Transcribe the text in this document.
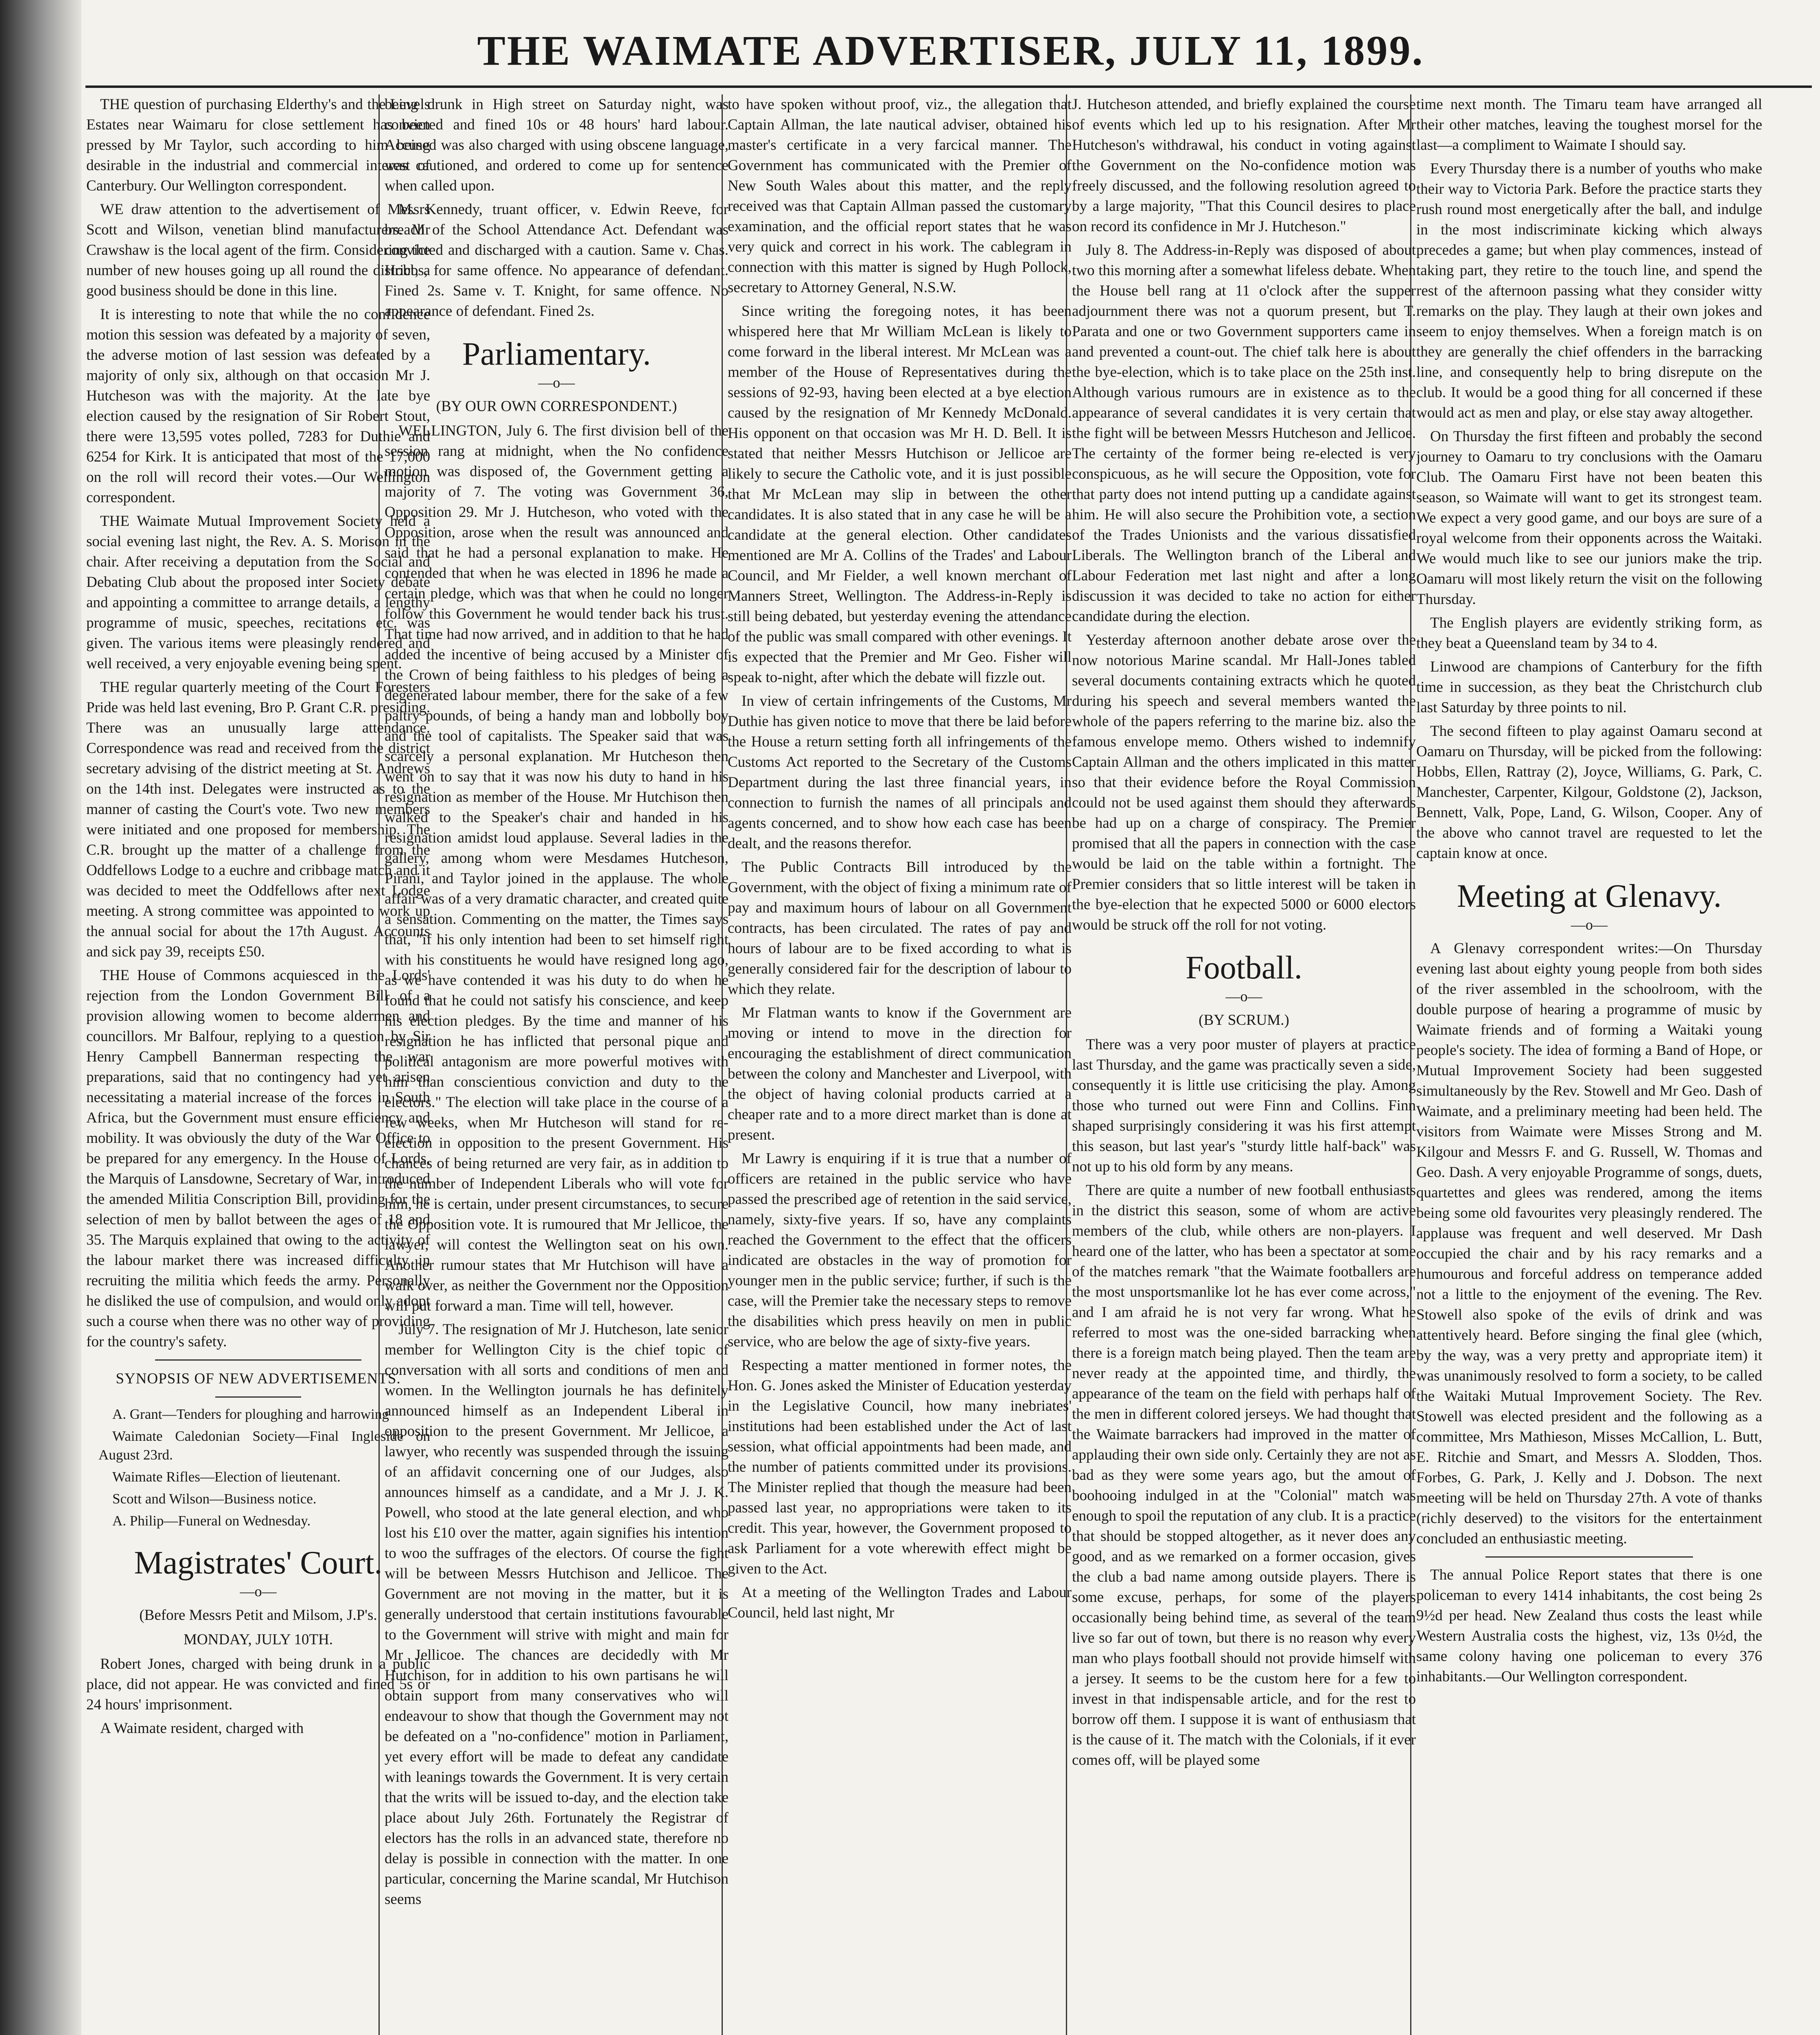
THE WAIMATE ADVERTISER, JULY 11, 1899.

THE question of purchasing Elderthy's and the Levels Estates near Waimaru for close settlement has been pressed by Mr Taylor, such according to him being desirable in the industrial and commercial interest of Canterbury. Our Wellington correspondent.

WE draw attention to the advertisement of Messrs Scott and Wilson, venetian blind manufacturers. Mr Crawshaw is the local agent of the firm. Considering the number of new houses going up all round the district, a good business should be done in this line.

It is interesting to note that while the no confidence motion this session was defeated by a majority of seven, the adverse motion of last session was defeated by a majority of only six, although on that occasion Mr J. Hutcheson was with the majority. At the late bye election caused by the resignation of Sir Robert Stout, there were 13,595 votes polled, 7283 for Duthie and 6254 for Kirk. It is anticipated that most of the 17,000 on the roll will record their votes.—Our Wellington correspondent.

THE Waimate Mutual Improvement Society held a social evening last night, the Rev. A. S. Morison in the chair. After receiving a deputation from the Social and Debating Club about the proposed inter Society debate and appointing a committee to arrange details, a lengthy programme of music, speeches, recitations etc. was given. The various items were pleasingly rendered and well received, a very enjoyable evening being spent.

THE regular quarterly meeting of the Court Foresters Pride was held last evening, Bro P. Grant C.R. presiding. There was an unusually large attendance. Correspondence was read and received from the district secretary advising of the district meeting at St. Andrews on the 14th inst. Delegates were instructed as to the manner of casting the Court's vote. Two new members were initiated and one proposed for membership. The C.R. brought up the matter of a challenge from the Oddfellows Lodge to a euchre and cribbage match and it was decided to meet the Oddfellows after next Lodge meeting. A strong committee was appointed to work up the annual social for about the 17th August. Accounts and sick pay 39, receipts £50.

THE House of Commons acquiesced in the Lords' rejection from the London Government Bill of a provision allowing women to become aldermen and councillors. Mr Balfour, replying to a question by Sir Henry Campbell Bannerman respecting the war preparations, said that no contingency had yet arisen necessitating a material increase of the forces in South Africa, but the Government must ensure efficiency and mobility. It was obviously the duty of the War Office to be prepared for any emergency. In the House of Lords, the Marquis of Lansdowne, Secretary of War, introduced the amended Militia Conscription Bill, providing for the selection of men by ballot between the ages of 18 and 35. The Marquis explained that owing to the activity of the labour market there was increased difficulty in recruiting the militia which feeds the army. Personally he disliked the use of compulsion, and would only adopt such a course when there was no other way of providing for the country's safety.

SYNOPSIS OF NEW ADVERTISEMENTS.

A. Grant—Tenders for ploughing and harrowing

Waimate Caledonian Society—Final Ingleside on August 23rd.

Waimate Rifles—Election of lieutenant.

Scott and Wilson—Business notice.

A. Philip—Funeral on Wednesday.

Magistrates' Court.
—o—
(Before Messrs Petit and Milsom, J.P's.
MONDAY, JULY 10TH.

Robert Jones, charged with being drunk in a public place, did not appear. He was convicted and fined 5s or 24 hours' imprisonment.

A Waimate resident, charged with

being drunk in High street on Saturday night, was convicted and fined 10s or 48 hours' hard labour. Accused was also charged with using obscene language, was cautioned, and ordered to come up for sentence when called upon.

M. Kennedy, truant officer, v. Edwin Reeve, for breach of the School Attendance Act. Defendant was convicted and discharged with a caution. Same v. Chas. Hobbs, for same offence. No appearance of defendant. Fined 2s. Same v. T. Knight, for same offence. No appearance of defendant. Fined 2s.

Parliamentary.
—o—
(BY OUR OWN CORRESPONDENT.)

WELLINGTON, July 6. The first division bell of the session rang at midnight, when the No confidence motion was disposed of, the Government getting a majority of 7. The voting was Government 36, Opposition 29. Mr J. Hutcheson, who voted with the Opposition, arose when the result was announced and said that he had a personal explanation to make. He contended that when he was elected in 1896 he made a certain pledge, which was that when he could no longer follow this Government he would tender back his trust. That time had now arrived, and in addition to that he had added the incentive of being accused by a Minister of the Crown of being faithless to his pledges of being a degenerated labour member, there for the sake of a few paltry pounds, of being a handy man and lobbolly boy and the tool of capitalists. The Speaker said that was scarcely a personal explanation. Mr Hutcheson then went on to say that it was now his duty to hand in his resignation as member of the House. Mr Hutchison then walked to the Speaker's chair and handed in his resignation amidst loud applause. Several ladies in the gallery, among whom were Mesdames Hutcheson, Pirani, and Taylor joined in the applause. The whole affair was of a very dramatic character, and created quite a sensation. Commenting on the matter, the Times says that, "if his only intention had been to set himself right with his constituents he would have resigned long ago, as we have contended it was his duty to do when he found that he could not satisfy his conscience, and keep his election pledges. By the time and manner of his resignation he has inflicted that personal pique and political antagonism are more powerful motives with him than conscientious conviction and duty to the electors." The election will take place in the course of a few weeks, when Mr Hutcheson will stand for re-election in opposition to the present Government. His chances of being returned are very fair, as in addition to the number of Independent Liberals who will vote for him, he is certain, under present circumstances, to secure the Opposition vote. It is rumoured that Mr Jellicoe, the lawyer, will contest the Wellington seat on his own. Another rumour states that Mr Hutchison will have a walk over, as neither the Government nor the Opposition will put forward a man. Time will tell, however.

July 7. The resignation of Mr J. Hutcheson, late senior member for Wellington City is the chief topic of conversation with all sorts and conditions of men and women. In the Wellington journals he has definitely announced himself as an Independent Liberal in opposition to the present Government. Mr Jellicoe, a lawyer, who recently was suspended through the issuing of an affidavit concerning one of our Judges, also announces himself as a candidate, and a Mr J. J. K. Powell, who stood at the late general election, and who lost his £10 over the matter, again signifies his intention to woo the suffrages of the electors. Of course the fight will be between Messrs Hutchison and Jellicoe. The Government are not moving in the matter, but it is generally understood that certain institutions favourable to the Government will strive with might and main for Mr Jellicoe. The chances are decidedly with Mr Hutchison, for in addition to his own partisans he will obtain support from many conservatives who will endeavour to show that though the Government may not be defeated on a "no-confidence" motion in Parliament, yet every effort will be made to defeat any candidate with leanings towards the Government. It is very certain that the writs will be issued to-day, and the election take place about July 26th. Fortunately the Registrar of electors has the rolls in an advanced state, therefore no delay is possible in connection with the matter. In one particular, concerning the Marine scandal, Mr Hutchison seems

to have spoken without proof, viz., the allegation that Captain Allman, the late nautical adviser, obtained his master's certificate in a very farcical manner. The Government has communicated with the Premier of New South Wales about this matter, and the reply received was that Captain Allman passed the customary examination, and the official report states that he was very quick and correct in his work. The cablegram in connection with this matter is signed by Hugh Pollock, secretary to Attorney General, N.S.W.

Since writing the foregoing notes, it has been whispered here that Mr William McLean is likely to come forward in the liberal interest. Mr McLean was a member of the House of Representatives during the sessions of 92-93, having been elected at a bye election caused by the resignation of Mr Kennedy McDonald. His opponent on that occasion was Mr H. D. Bell. It is stated that neither Messrs Hutchison or Jellicoe are likely to secure the Catholic vote, and it is just possible that Mr McLean may slip in between the other candidates. It is also stated that in any case he will be a candidate at the general election. Other candidates mentioned are Mr A. Collins of the Trades' and Labour Council, and Mr Fielder, a well known merchant of Manners Street, Wellington. The Address-in-Reply is still being debated, but yesterday evening the attendance of the public was small compared with other evenings. It is expected that the Premier and Mr Geo. Fisher will speak to-night, after which the debate will fizzle out.

In view of certain infringements of the Customs, Mr Duthie has given notice to move that there be laid before the House a return setting forth all infringements of the Customs Act reported to the Secretary of the Customs Department during the last three financial years, in connection to furnish the names of all principals and agents concerned, and to show how each case has been dealt, and the reasons therefor.

The Public Contracts Bill introduced by the Government, with the object of fixing a minimum rate of pay and maximum hours of labour on all Government contracts, has been circulated. The rates of pay and hours of labour are to be fixed according to what is generally considered fair for the description of labour to which they relate.

Mr Flatman wants to know if the Government are moving or intend to move in the direction for encouraging the establishment of direct communication between the colony and Manchester and Liverpool, with the object of having colonial products carried at a cheaper rate and to a more direct market than is done at present.

Mr Lawry is enquiring if it is true that a number of officers are retained in the public service who have passed the prescribed age of retention in the said service, namely, sixty-five years. If so, have any complaints reached the Government to the effect that the officers indicated are obstacles in the way of promotion for younger men in the public service; further, if such is the case, will the Premier take the necessary steps to remove the disabilities which press heavily on men in public service, who are below the age of sixty-five years.

Respecting a matter mentioned in former notes, the Hon. G. Jones asked the Minister of Education yesterday in the Legislative Council, how many inebriates' institutions had been established under the Act of last session, what official appointments had been made, and the number of patients committed under its provisions. The Minister replied that though the measure had been passed last year, no appropriations were taken to its credit. This year, however, the Government proposed to ask Parliament for a vote wherewith effect might be given to the Act.

At a meeting of the Wellington Trades and Labour Council, held last night, Mr

J. Hutcheson attended, and briefly explained the course of events which led up to his resignation. After Mr Hutcheson's withdrawal, his conduct in voting against the Government on the No-confidence motion was freely discussed, and the following resolution agreed to by a large majority, "That this Council desires to place on record its confidence in Mr J. Hutcheson."

July 8. The Address-in-Reply was disposed of about two this morning after a somewhat lifeless debate. When the House bell rang at 11 o'clock after the supper adjournment there was not a quorum present, but T. Parata and one or two Government supporters came in and prevented a count-out. The chief talk here is about the bye-election, which is to take place on the 25th inst. Although various rumours are in existence as to the appearance of several candidates it is very certain that the fight will be between Messrs Hutcheson and Jellicoe. The certainty of the former being re-elected is very conspicuous, as he will secure the Opposition, vote for that party does not intend putting up a candidate against him. He will also secure the Prohibition vote, a section of the Trades Unionists and the various dissatisfied Liberals. The Wellington branch of the Liberal and Labour Federation met last night and after a long discussion it was decided to take no action for either candidate during the election.

Yesterday afternoon another debate arose over the now notorious Marine scandal. Mr Hall-Jones tabled several documents containing extracts which he quoted during his speech and several members wanted the whole of the papers referring to the marine biz. also the famous envelope memo. Others wished to indemnify Captain Allman and the others implicated in this matter so that their evidence before the Royal Commission could not be used against them should they afterwards be had up on a charge of conspiracy. The Premier promised that all the papers in connection with the case would be laid on the table within a fortnight. The Premier considers that so little interest will be taken in the bye-election that he expected 5000 or 6000 electors would be struck off the roll for not voting.

Football.
—o—
(BY SCRUM.)

There was a very poor muster of players at practice last Thursday, and the game was practically seven a side, consequently it is little use criticising the play. Among those who turned out were Finn and Collins. Finn shaped surprisingly considering it was his first attempt this season, but last year's "sturdy little half-back" was not up to his old form by any means.

There are quite a number of new football enthusiasts in the district this season, some of whom are active members of the club, while others are non-players. I heard one of the latter, who has been a spectator at some of the matches remark "that the Waimate footballers are the most unsportsmanlike lot he has ever come across," and I am afraid he is not very far wrong. What he referred to most was the one-sided barracking when there is a foreign match being played. Then the team are never ready at the appointed time, and thirdly, the appearance of the team on the field with perhaps half of the men in different colored jerseys. We had thought that the Waimate barrackers had improved in the matter of applauding their own side only. Certainly they are not as bad as they were some years ago, but the amout of boohooing indulged in at the "Colonial" match was enough to spoil the reputation of any club. It is a practice that should be stopped altogether, as it never does any good, and as we remarked on a former occasion, gives the club a bad name among outside players. There is some excuse, perhaps, for some of the players occasionally being behind time, as several of the team live so far out of town, but there is no reason why every man who plays football should not provide himself with a jersey. It seems to be the custom here for a few to invest in that indispensable article, and for the rest to borrow off them. I suppose it is want of enthusiasm that is the cause of it. The match with the Colonials, if it ever comes off, will be played some

time next month. The Timaru team have arranged all their other matches, leaving the toughest morsel for the last—a compliment to Waimate I should say.

Every Thursday there is a number of youths who make their way to Victoria Park. Before the practice starts they rush round most energetically after the ball, and indulge in the most indiscriminate kicking which always precedes a game; but when play commences, instead of taking part, they retire to the touch line, and spend the rest of the afternoon passing what they consider witty remarks on the play. They laugh at their own jokes and seem to enjoy themselves. When a foreign match is on they are generally the chief offenders in the barracking line, and consequently help to bring disrepute on the club. It would be a good thing for all concerned if these would act as men and play, or else stay away altogether.

On Thursday the first fifteen and probably the second journey to Oamaru to try conclusions with the Oamaru Club. The Oamaru First have not been beaten this season, so Waimate will want to get its strongest team. We expect a very good game, and our boys are sure of a royal welcome from their opponents across the Waitaki. We would much like to see our juniors make the trip. Oamaru will most likely return the visit on the following Thursday.

The English players are evidently striking form, as they beat a Queensland team by 34 to 4.

Linwood are champions of Canterbury for the fifth time in succession, as they beat the Christchurch club last Saturday by three points to nil.

The second fifteen to play against Oamaru second at Oamaru on Thursday, will be picked from the following: Hobbs, Ellen, Rattray (2), Joyce, Williams, G. Park, C. Manchester, Carpenter, Kilgour, Goldstone (2), Jackson, Bennett, Valk, Pope, Land, G. Wilson, Cooper. Any of the above who cannot travel are requested to let the captain know at once.

Meeting at Glenavy.
—o—

A Glenavy correspondent writes:—On Thursday evening last about eighty young people from both sides of the river assembled in the schoolroom, with the double purpose of hearing a programme of music by Waimate friends and of forming a Waitaki young people's society. The idea of forming a Band of Hope, or Mutual Improvement Society had been suggested simultaneously by the Rev. Stowell and Mr Geo. Dash of Waimate, and a preliminary meeting had been held. The visitors from Waimate were Misses Strong and M. Kilgour and Messrs F. and G. Russell, W. Thomas and Geo. Dash. A very enjoyable Programme of songs, duets, quartettes and glees was rendered, among the items being some old favourites very pleasingly rendered. The applause was frequent and well deserved. Mr Dash occupied the chair and by his racy remarks and a humourous and forceful address on temperance added not a little to the enjoyment of the evening. The Rev. Stowell also spoke of the evils of drink and was attentively heard. Before singing the final glee (which, by the way, was a very pretty and appropriate item) it was unanimously resolved to form a society, to be called the Waitaki Mutual Improvement Society. The Rev. Stowell was elected president and the following as a committee, Mrs Mathieson, Misses McCallion, L. Butt, E. Ritchie and Smart, and Messrs A. Slodden, Thos. Forbes, G. Park, J. Kelly and J. Dobson. The next meeting will be held on Thursday 27th. A vote of thanks (richly deserved) to the visitors for the entertainment concluded an enthusiastic meeting.

The annual Police Report states that there is one policeman to every 1414 inhabitants, the cost being 2s 9½d per head. New Zealand thus costs the least while Western Australia costs the highest, viz, 13s 0½d, the same colony having one policeman to every 376 inhabitants.—Our Wellington correspondent.
